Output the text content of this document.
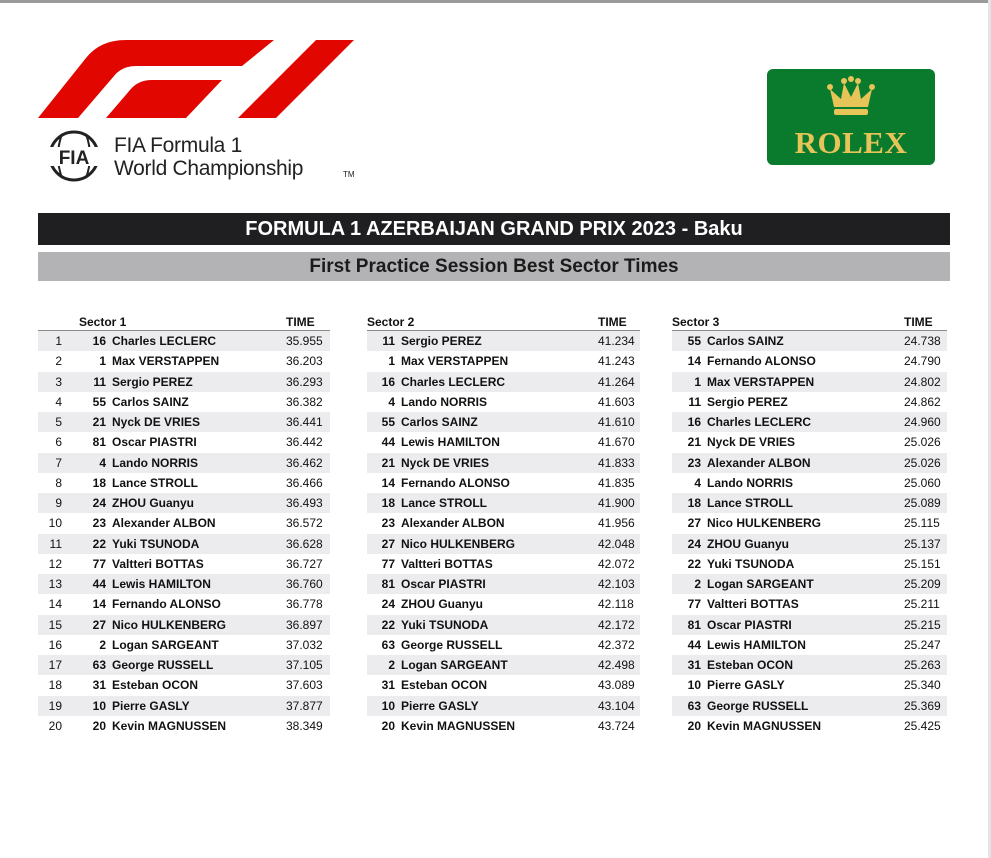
FIA
FIA Formula 1
World Championship	TM
ROLEX
FORMULA 1 AZERBAIJAN GRAND PRIX 2023 - Baku
First Practice Session Best Sector Times
Sector 1	TIME
1	16 Charles LECLERC	35.955
2	1 Max VERSTAPPEN	36.203
3	11 Sergio PEREZ	36.293
4	55 Carlos SAINZ	36.382
5	21 Nyck DE VRIES	36.441
6	81 Oscar PIASTRI	36.442
7	4 Lando NORRIS	36.462
8	18 Lance STROLL	36.466
9	24 ZHOU Guanyu	36.493
10	23 Alexander ALBON	36.572
11	22 Yuki TSUNODA	36.628
12	77 Valtteri BOTTAS	36.727
13	44 Lewis HAMILTON	36.760
14	14 Fernando ALONSO	36.778
15	27 Nico HULKENBERG	36.897
16	2 Logan SARGEANT	37.032
17	63 George RUSSELL	37.105
18	31 Esteban OCON	37.603
19	10 Pierre GASLY	37.877
20	20 Kevin MAGNUSSEN	38.349
Sector 2	TIME
11 Sergio PEREZ	41.234
1 Max VERSTAPPEN	41.243
16 Charles LECLERC	41.264
4 Lando NORRIS	41.603
55 Carlos SAINZ	41.610
44 Lewis HAMILTON	41.670
21 Nyck DE VRIES	41.833
14 Fernando ALONSO	41.835
18 Lance STROLL	41.900
23 Alexander ALBON	41.956
27 Nico HULKENBERG	42.048
77 Valtteri BOTTAS	42.072
81 Oscar PIASTRI	42.103
24 ZHOU Guanyu	42.118
22 Yuki TSUNODA	42.172
63 George RUSSELL	42.372
2 Logan SARGEANT	42.498
31 Esteban OCON	43.089
10 Pierre GASLY	43.104
20 Kevin MAGNUSSEN	43.724
Sector 3	TIME
55 Carlos SAINZ	24.738
14 Fernando ALONSO	24.790
1 Max VERSTAPPEN	24.802
11 Sergio PEREZ	24.862
16 Charles LECLERC	24.960
21 Nyck DE VRIES	25.026
23 Alexander ALBON	25.026
4 Lando NORRIS	25.060
18 Lance STROLL	25.089
27 Nico HULKENBERG	25.115
24 ZHOU Guanyu	25.137
22 Yuki TSUNODA	25.151
2 Logan SARGEANT	25.209
77 Valtteri BOTTAS	25.211
81 Oscar PIASTRI	25.215
44 Lewis HAMILTON	25.247
31 Esteban OCON	25.263
10 Pierre GASLY	25.340
63 George RUSSELL	25.369
20 Kevin MAGNUSSEN	25.425
